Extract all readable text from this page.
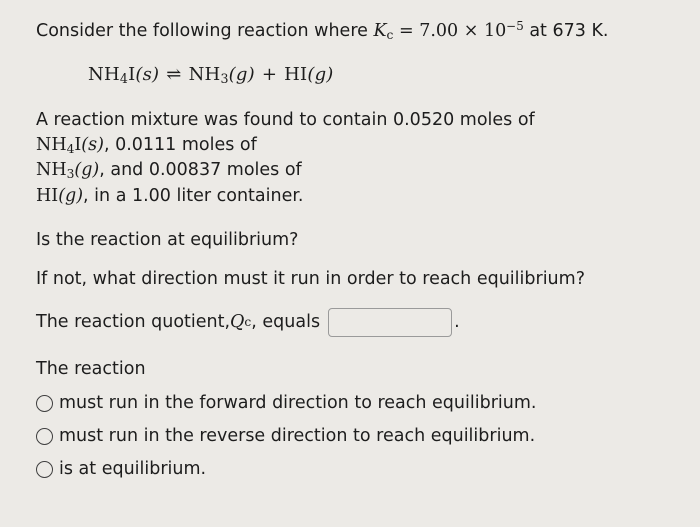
Consider the following reaction where $K_c = 7.00 \times 10^{-5}$ at 673 K.
$NH_4I(s)$ ⇌ $NH_3(g) + HI(g)$
A reaction mixture was found to contain 0.0520 moles of
$NH_4I(s)$, 0.0111 moles of
$NH_3(g)$, and 0.00837 moles of
HI(g), in a 1.00 liter container.
Is the reaction at equilibrium?
If not, what direction must it run in order to reach equilibrium?
The reaction quotient, Q c , equals	.
The reaction
must run in the forward direction to reach equilibrium.
must run in the reverse direction to reach equilibrium.
is at equilibrium.
